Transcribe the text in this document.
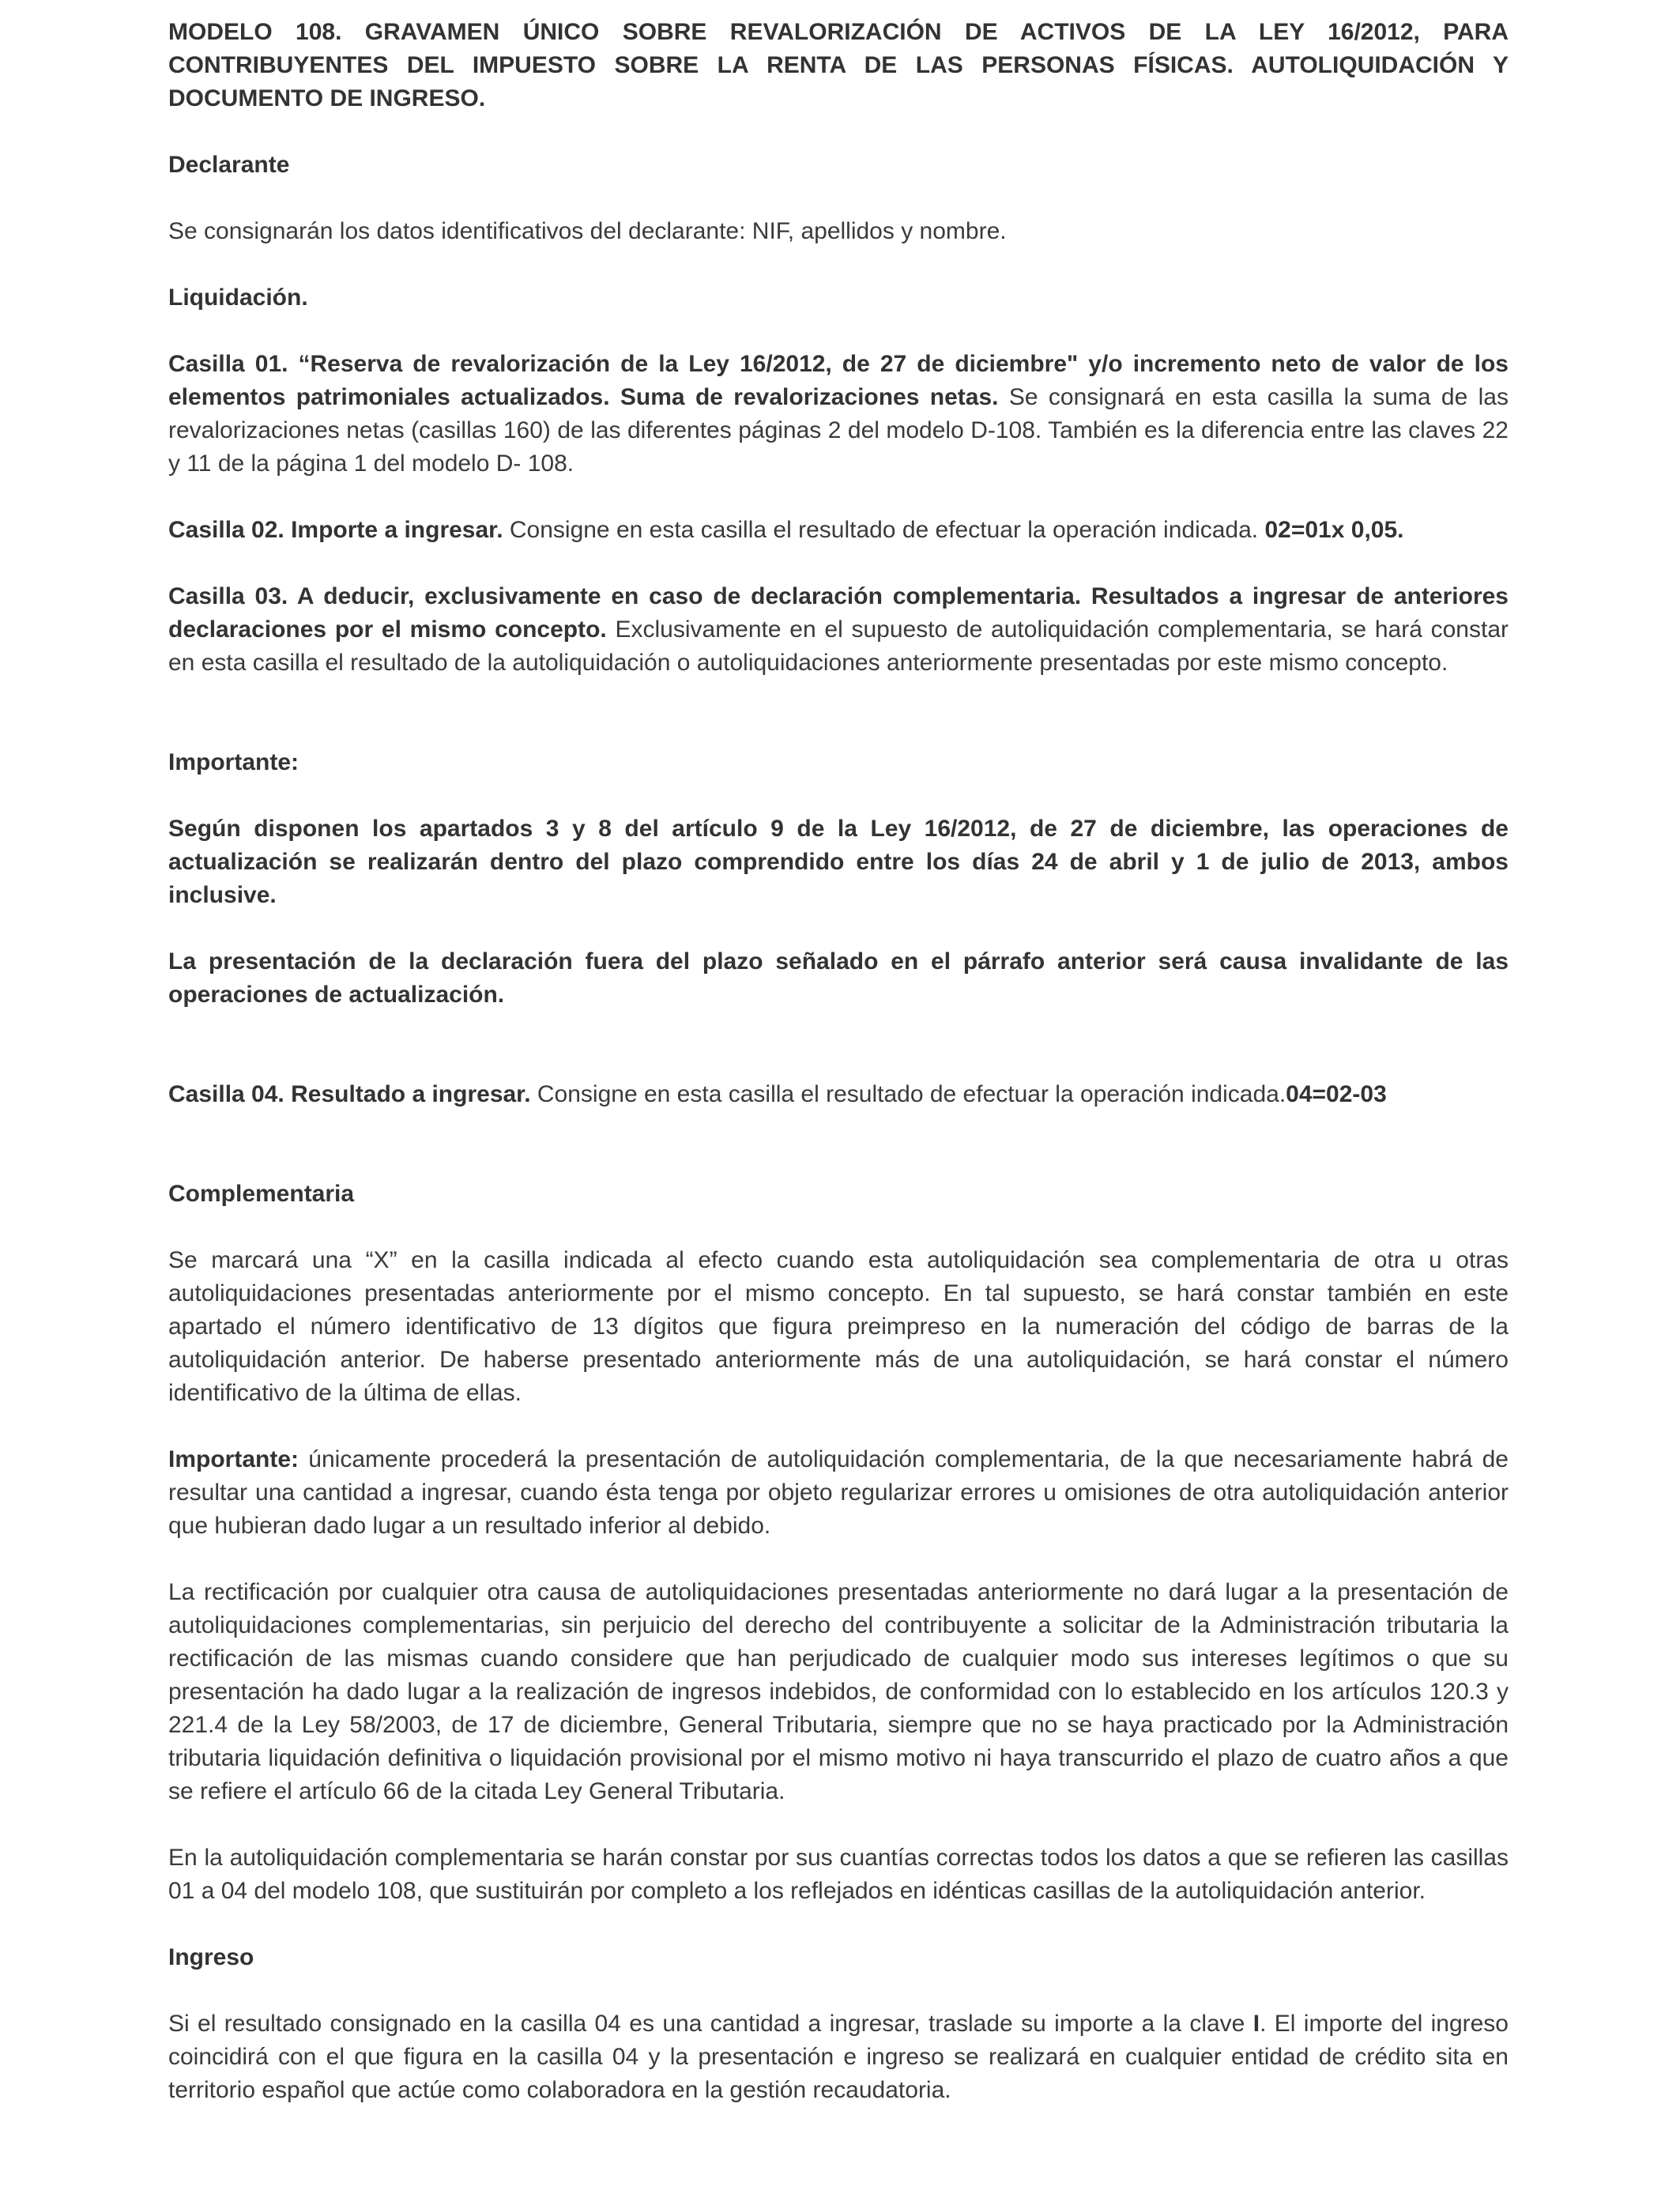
MODELO 108. GRAVAMEN ÚNICO SOBRE REVALORIZACIÓN DE ACTIVOS DE LA LEY 16/2012, PARA CONTRIBUYENTES DEL IMPUESTO SOBRE LA RENTA DE LAS PERSONAS FÍSICAS. AUTOLIQUIDACIÓN Y DOCUMENTO DE INGRESO.
Declarante

Se consignarán los datos identificativos del declarante: NIF, apellidos y nombre.

Liquidación.

Casilla 01. “Reserva de revalorización de la Ley 16/2012, de 27 de diciembre" y/o incremento neto de valor de los elementos patrimoniales actualizados. Suma de revalorizaciones netas. Se consignará en esta casilla la suma de las revalorizaciones netas (casillas 160) de las diferentes páginas 2 del modelo D-108. También es la diferencia entre las claves 22 y 11 de la página 1 del modelo D- 108.

Casilla 02. Importe a ingresar. Consigne en esta casilla el resultado de efectuar la operación indicada. 02=01x 0,05.

Casilla 03. A deducir, exclusivamente en caso de declaración complementaria. Resultados a ingresar de anteriores declaraciones por el mismo concepto. Exclusivamente en el supuesto de autoliquidación complementaria, se hará constar en esta casilla el resultado de la autoliquidación o autoliquidaciones anteriormente presentadas por este mismo concepto.

Importante:

Según disponen los apartados 3 y 8 del artículo 9 de la Ley 16/2012, de 27 de diciembre, las operaciones de actualización se realizarán dentro del plazo comprendido entre los días 24 de abril y 1 de julio de 2013, ambos inclusive.

La presentación de la declaración fuera del plazo señalado en el párrafo anterior será causa invalidante de las operaciones de actualización.

Casilla 04. Resultado a ingresar. Consigne en esta casilla el resultado de efectuar la operación indicada.04=02-03

Complementaria

Se marcará una “X” en la casilla indicada al efecto cuando esta autoliquidación sea complementaria de otra u otras autoliquidaciones presentadas anteriormente por el mismo concepto. En tal supuesto, se hará constar también en este apartado el número identificativo de 13 dígitos que figura preimpreso en la numeración del código de barras de la autoliquidación anterior. De haberse presentado anteriormente más de una autoliquidación, se hará constar el número identificativo de la última de ellas.

Importante: únicamente procederá la presentación de autoliquidación complementaria, de la que necesariamente habrá de resultar una cantidad a ingresar, cuando ésta tenga por objeto regularizar errores u omisiones de otra autoliquidación anterior que hubieran dado lugar a un resultado inferior al debido.

La rectificación por cualquier otra causa de autoliquidaciones presentadas anteriormente no dará lugar a la presentación de autoliquidaciones complementarias, sin perjuicio del derecho del contribuyente a solicitar de la Administración tributaria la rectificación de las mismas cuando considere que han perjudicado de cualquier modo sus intereses legítimos o que su presentación ha dado lugar a la realización de ingresos indebidos, de conformidad con lo establecido en los artículos 120.3 y 221.4 de la Ley 58/2003, de 17 de diciembre, General Tributaria, siempre que no se haya practicado por la Administración tributaria liquidación definitiva o liquidación provisional por el mismo motivo ni haya transcurrido el plazo de cuatro años a que se refiere el artículo 66 de la citada Ley General Tributaria.

En la autoliquidación complementaria se harán constar por sus cuantías correctas todos los datos a que se refieren las casillas 01 a 04 del modelo 108, que sustituirán por completo a los reflejados en idénticas casillas de la autoliquidación anterior.

Ingreso

Si el resultado consignado en la casilla 04 es una cantidad a ingresar, traslade su importe a la clave I. El importe del ingreso coincidirá con el que figura en la casilla 04 y la presentación e ingreso se realizará en cualquier entidad de crédito sita en territorio español que actúe como colaboradora en la gestión recaudatoria.
